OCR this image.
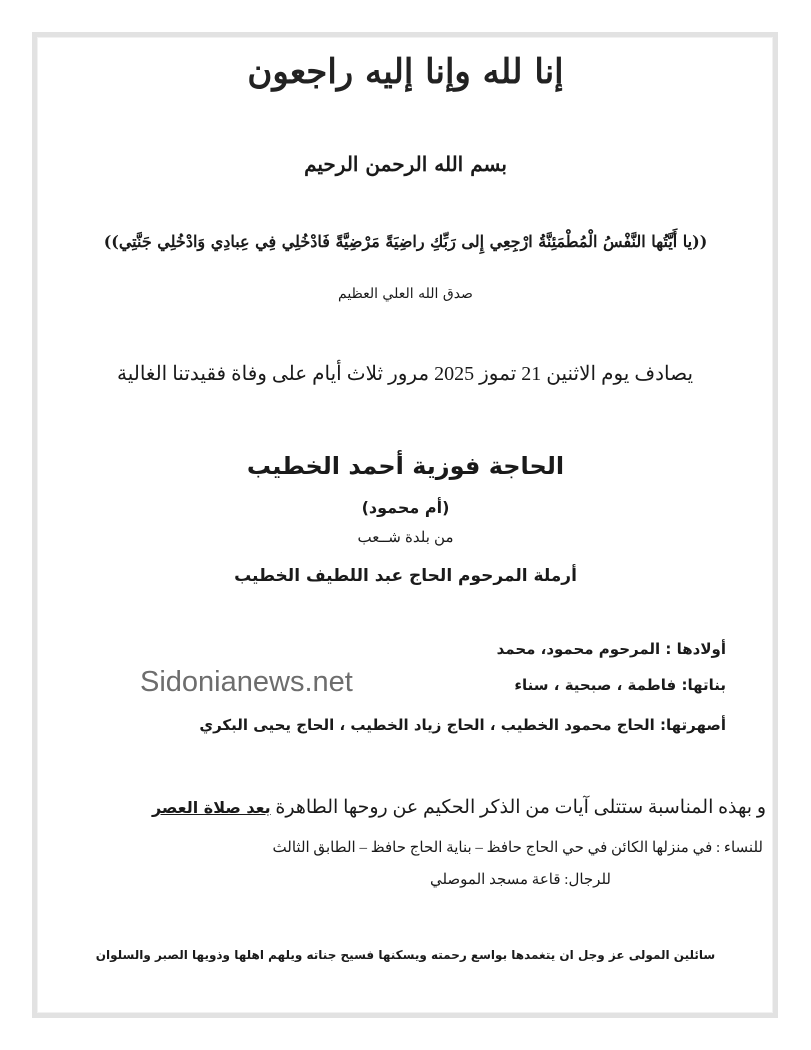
إنا لله وإنا إليه راجعون
بسم الله الرحمن الرحيم
((يا أَيَّتُها النَّفْسُ الْمُطْمَئِنَّةُ ارْجِعِي إِلى رَبِّكِ راضِيَةً مَرْضِيَّةً فَادْخُلِي فِي عِبادِي وَادْخُلِي جَنَّتِي))
صدق الله العلي العظيم
يصادف يوم الاثنين 21 تموز 2025 مرور ثلاث أيام على وفاة فقيدتنا الغالية
الحاجة فوزية أحمد الخطيب
(أم محمود)
من بلدة شــعب
أرملة المرحوم الحاج عبد اللطيف الخطيب
أولادها : المرحوم محمود، محمد
بناتها: فاطمة ، صبحية ، سناء
أصهرتها: الحاج محمود الخطيب ، الحاج زياد الخطيب ، الحاج يحيى البكري
Sidonianews.net
و بهذه المناسبة ستتلى آيات من الذكر الحكيم عن روحها الطاهرة بعد صلاة العصر
للنساء : في منزلها الكائن في حي الحاج حافظ – بناية الحاج حافظ – الطابق الثالث
للرجال: قاعة مسجد الموصلي
سائلين المولى عز وجل ان يتغمدها بواسع رحمته ويسكنها فسيح جناته ويلهم اهلها وذويها الصبر والسلوان
